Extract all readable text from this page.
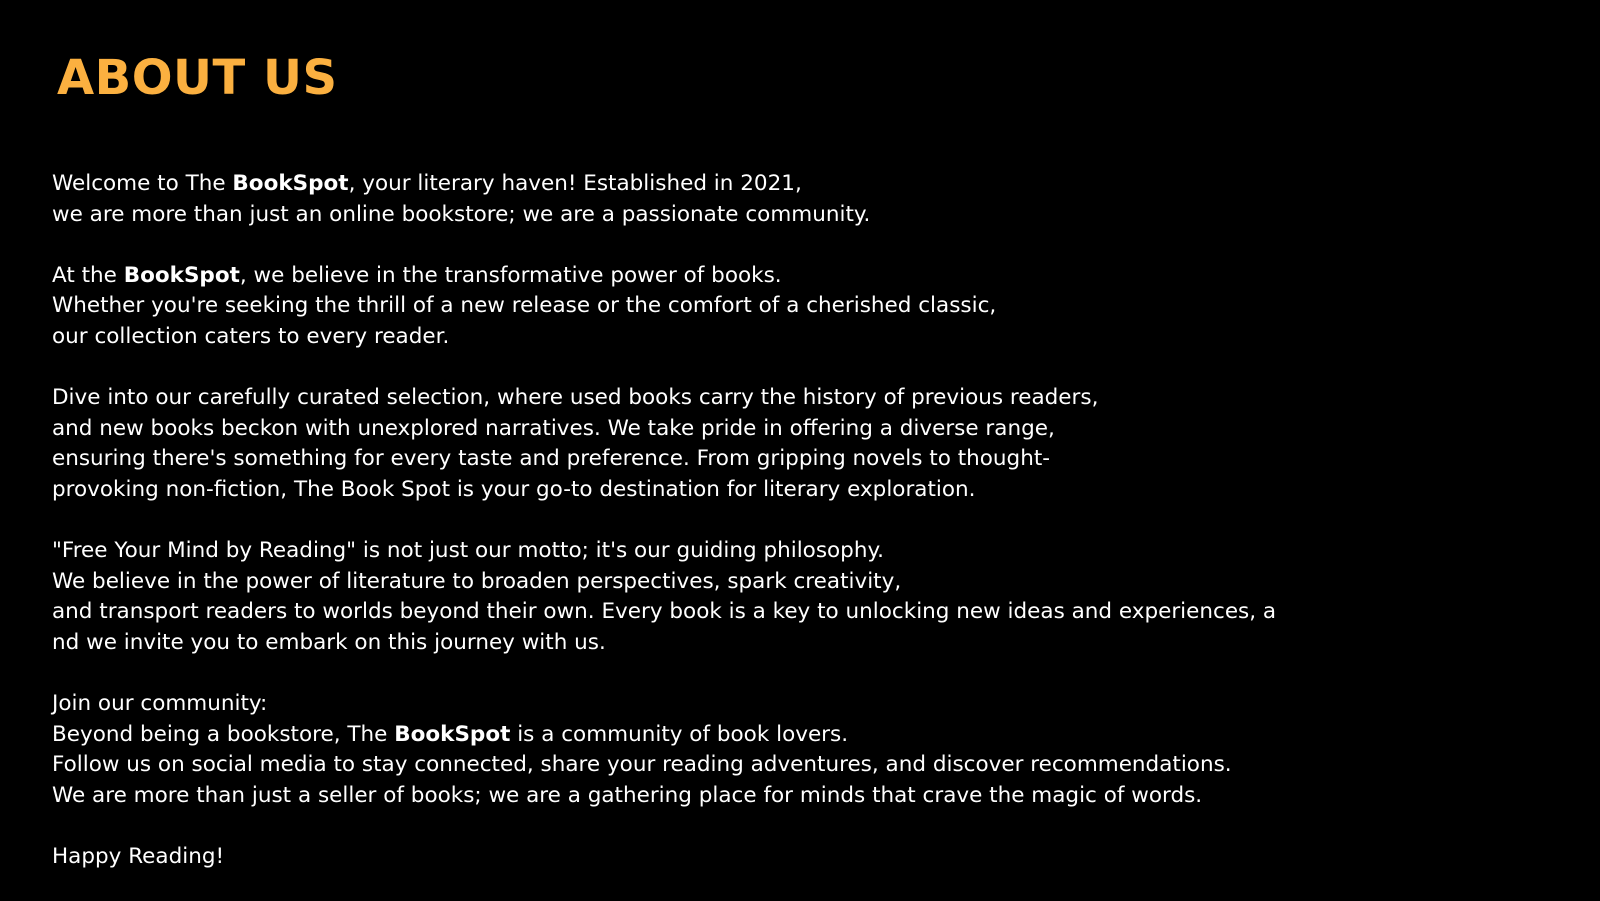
ABOUT US
Welcome to The BookSpot, your literary haven! Established in 2021,
we are more than just an online bookstore; we are a passionate community.
At the BookSpot, we believe in the transformative power of books.
Whether you're seeking the thrill of a new release or the comfort of a cherished classic,
our collection caters to every reader.
Dive into our carefully curated selection, where used books carry the history of previous readers,
and new books beckon with unexplored narratives. We take pride in offering a diverse range,
ensuring there's something for every taste and preference. From gripping novels to thought-
provoking non-fiction, The Book Spot is your go-to destination for literary exploration.
"Free Your Mind by Reading" is not just our motto; it's our guiding philosophy.
We believe in the power of literature to broaden perspectives, spark creativity,
and transport readers to worlds beyond their own. Every book is a key to unlocking new ideas and experiences, a
nd we invite you to embark on this journey with us.
Join our community:
Beyond being a bookstore, The BookSpot is a community of book lovers.
Follow us on social media to stay connected, share your reading adventures, and discover recommendations.
We are more than just a seller of books; we are a gathering place for minds that crave the magic of words.
Happy Reading!
